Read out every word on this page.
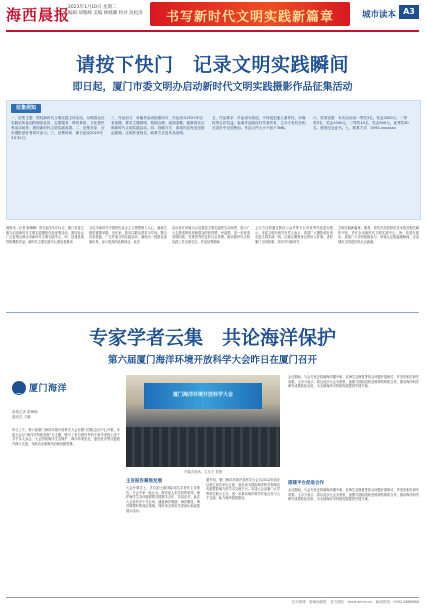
海西晨报
2023年1月10日 星期二
编辑 胡胤峰 美编 林晓璐 校对 高松涛	书写新时代文明实践新篇章	城市读本 A3
请按下快门　记录文明实践瞬间
即日起，厦门市委文明办启动新时代文明实践摄影作品征集活动
征集须知
一、征集主题　围绕新时代文明实践主体活动，反映群众在实践站所参加的理论宣讲、志愿服务、移风易俗、文化惠民等活动场景，展现新时代文明实践成果。二、征集对象　全市摄影爱好者均可参与。三、征集时间　即日起至2023年3月31日。
三、作品形式　单幅作品或组照均可，作品须为2022年以来拍摄，要求主题鲜明、构图合理、画面清晰，能够真实反映新时代文明实践活动。四、投稿方式　请将作品发送至指定邮箱，注明作者姓名、联系方式及作品说明。
五、作品要求　作品须为原创，不得侵犯他人著作权、肖像权等合法权益。参赛作品版权归作者所有，主办方有权在相关宣传中无偿使用。作品文件大小不低于3MB。
六、奖项设置　本次活动设一等奖3名，奖金2000元；二等奖5名，奖金1000元；三等奖10名，奖金500元；优秀奖30名，颁发纪念证书。七、联系方式　0592-xxxxxxx
晨报讯（记者 陈梅梅）即日起至3月31日，厦门市委文明办启动新时代文明实践摄影作品征集活动，面向社会广泛征集反映全市新时代文明实践中心、所、站建设成效的摄影作品。新时代文明实践中心建设是推动
习近平新时代中国特色社会主义思想深入人心、落地生根的重要举措。近年来，我市以群众需求为导向，整合各类资源，广泛开展文明实践活动，涌现出一批群众喜闻乐见、参与度高的品牌项目。此次
活动旨在用镜头记录基层文明实践的生动场景，展示广大志愿者的风采和群众的获得感、幸福感，进一步营造崇德向善、见贤思齐的良好社会氛围，推动新时代文明实践工作走深走实。作品征集期间
主办方还将通过微信公众号等平台对优秀作品进行展示。市委文明办相关负责人表示，希望广大摄影爱好者走进文明实践一线，以镜头聚焦身边的好人好事，讲好厦门文明故事，共同书写新时代
文明实践新篇章。据悉，获奖作品将择优在本报及相关媒体刊发，并在全市新时代文明实践中心、所、站进行展出。欢迎广大市民积极参与，用镜头定格温暖瞬间，记录城市文明进步的点点滴滴。
专家学者云集　共论海洋保护
第六届厦门海洋环境开放科学大会昨日在厦门召开
厦门海洋
晨报记者 陈梅梅
通讯员 王鹏
昨日上午，第六届厦门海洋环境开放科学大会在厦门国际会议中心开幕。本届大会以“海洋可持续发展”为主题，吸引了来自国内外的专家学者线上线下共千余人参会。大会围绕海洋生态保护、海洋环境变化、蓝色经济等议题展开深入交流，为推动全球海洋治理贡献智慧。
厦门海洋环境开放科学大会
开幕式现场。主办方 供图
主旨报告聚焦发展
大会开幕式上，多位院士和国际知名学者作主旨报告。与会专家一致认为，海洋是人类共同的家园，保护海洋生态环境需要各国携手合作、共同应对。此次大会设有多个分会场，涵盖海洋观测、海洋酸化、海洋微塑料等前沿领域，同时举办青年学者论坛和成果展示活动。
据介绍，厦门海洋环境开放科学大会自2012年创办以来已成功举办五届，逐步成为国际海洋科学领域具有重要影响力的学术交流平台。本届大会由厦门大学等单位联合主办，进一步推动海洋科学开放合作与人才交流，助力海洋强国建设。
会议期间，与会专家还将就海洋碳中和、近海生态修复等热点问题开展研讨，并发布相关研究成果。主办方表示，将以此次大会为契机，加强与国际组织及科研机构的合作，推动海洋科学研究成果转化应用，为全球海洋可持续发展提供中国方案。
搭建平台促进合作
会议期间，与会专家还将就海洋碳中和、近海生态修复等热点问题开展研讨，并发布相关研究成果。主办方表示，将以此次大会为契机，加强与国际组织及科研机构的合作，推动海洋科学研究成果转化应用，为全球海洋可持续发展提供中国方案。
官方微博：@海西晨报　官方网站：hxcb.xmnn.cn　新闻热线：0592-8888888
